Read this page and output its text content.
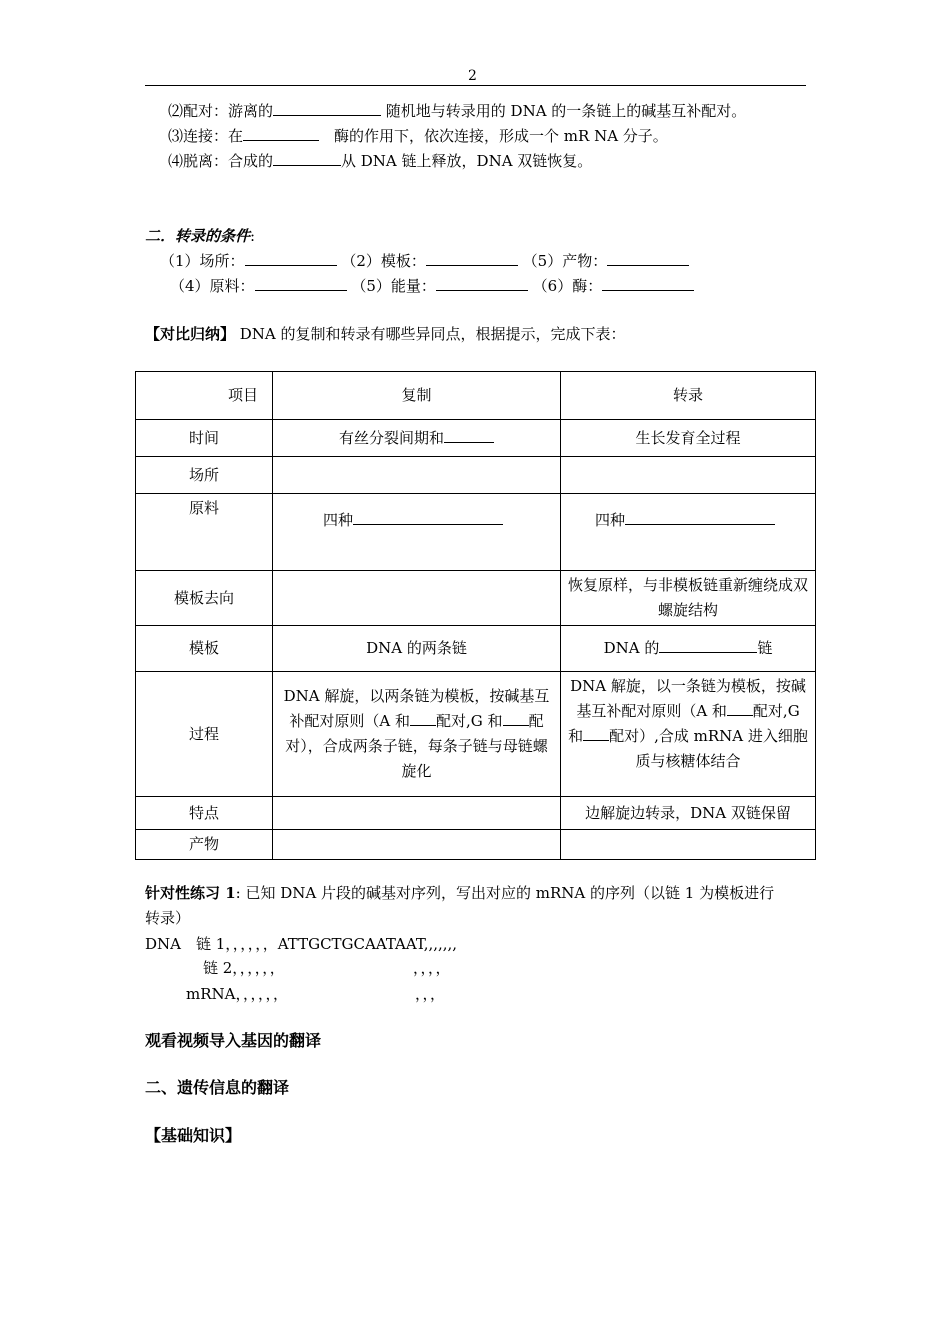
2
⑵配对：游离的	随机地与转录用的 DNA 的一条链上的碱基互补配对。
⑶连接：在	　酶的作用下，依次连接，形成一个 mR NA 分子。
⑷脱离：合成的	从 DNA 链上释放，DNA 双链恢复。
二．转录的条件:
（1）场所：	（2）模板：	（5）产物：
（4）原料：	（5）能量：	（6）酶：
【对比归纳】 DNA 的复制和转录有哪些异同点，根据提示，完成下表：
项目	复制	转录
时间	有丝分裂间期和	生长发育全过程
场所		
原料	四种	四种
模板去向		恢复原样，与非模板链重新缠绕成双螺旋结构
模板	DNA 的两条链	DNA 的 链
过程	DNA 解旋，以两条链为模板，按碱基互补配对原则（A 和 配对,G 和 配对），合成两条子链，每条子链与母链螺旋化	DNA 解旋，以一条链为模板，按碱基互补配对原则（A 和 配对,G 和 配对）,合成 mRNA 进入细胞质与核糖体结合
特点		边解旋边转录，DNA 双链保留
产物		
针对性练习 1: 已知 DNA 片段的碱基对序列，写出对应的 mRNA 的序列（以链 1 为模板进行
转录）
DNA　链 1，，，，，，ATTGCTGCAATAAT,,,,,,,
链 2，，，，，，	，，，，
mRNA，，，，，，	，，，
观看视频导入基因的翻译
二、遗传信息的翻译
【基础知识】
